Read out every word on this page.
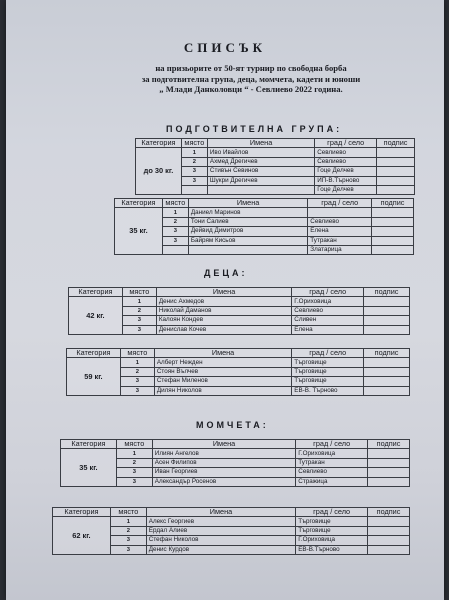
СПИСЪК
на призьорите от 50-ят турнир по свободна борба
за подготвителна група, деца, момчета, кадети и юноши
„ Млади Данколовци “ - Севлиево 2022 година.
ПОДГОТВИТЕЛНА ГРУПА:
Категория	място	Имена	град / село	подпис
до 30 кг.	1	Иво Ивайлов	Севлиево	
	2	Ахмед Дрегичев	Севлиево	
	3	Стивън Севинов	Гоце Делчев	
	3	Шукри Дрегичев	ИП-В.Търново	
			Гоце Делчев	
Категория	място	Имена	град / село	подпис
35 кг.	1	Даниел Маринов		
	2	Тони Салиев	Севлиево	
	3	Дейвид Димитров	Елена	
	3	Байрям Кисьов	Тутракан	
			Златарица	
ДЕЦА:
Категория	място	Имена	град / село	подпис
42 кг.	1	Денис Ахмедов	Г.Ориховица	
	2	Николай Даманов	Севлиево	
	3	Калоян Кондев	Сливен	
	3	Денислав Кочев	Елена	
Категория	място	Имена	град / село	подпис
59 кг.	1	Алберт Нежден	Търговище	
	2	Стоян Вълчев	Търговище	
	3	Стефан Миленов	Търговище	
	3	Дилян Николов	ЕВ-В. Търново	
МОМЧЕТА:
Категория	място	Имена	град / село	подпис
35 кг.	1	Илиян Ангелов	Г.Ориховица	
	2	Асен Филипов	Тутракан	
	3	Иван Георгиев	Севлиево	
	3	Александър Росенов	Стражица	
Категория	място	Имена	град / село	подпис
62 кг.	1	Алекс Георгиев	Търговище	
	2	Ердал Алиев	Търговище	
	3	Стефан Николов	Г.Ориховица	
	3	Денис Курдов	ЕВ-В.Търново	
